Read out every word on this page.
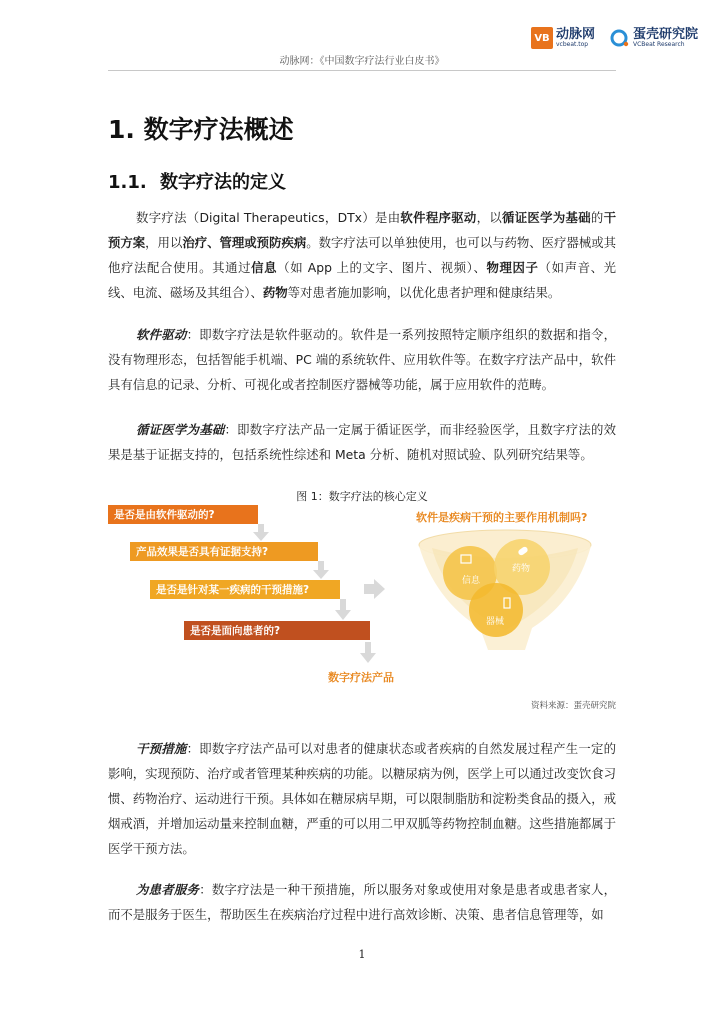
VB 动脉网
vcbeat.top
蛋壳研究院
VCBeat Research
动脉网：《中国数字疗法行业白皮书》
1. 数字疗法概述
1.1. 数字疗法的定义

数字疗法（Digital Therapeutics，DTx）是由软件程序驱动，以循证医学为基础的干预方案，用以治疗、管理或预防疾病。数字疗法可以单独使用，也可以与药物、医疗器械或其他疗法配合使用。其通过信息（如 App 上的文字、图片、视频）、物理因子（如声音、光线、电流、磁场及其组合）、药物等对患者施加影响，以优化患者护理和健康结果。

软件驱动：即数字疗法是软件驱动的。软件是一系列按照特定顺序组织的数据和指令，没有物理形态，包括智能手机端、PC 端的系统软件、应用软件等。在数字疗法产品中，软件具有信息的记录、分析、可视化或者控制医疗器械等功能，属于应用软件的范畴。

循证医学为基础：即数字疗法产品一定属于循证医学，而非经验医学，且数字疗法的效果是基于证据支持的，包括系统性综述和 Meta 分析、随机对照试验、队列研究结果等。

图 1：数字疗法的核心定义
是否是由软件驱动的?
产品效果是否具有证据支持?
是否是针对某一疾病的干预措施?
是否是面向患者的?
信息
药物
器械
软件是疾病干预的主要作用机制吗?
数字疗法产品
资料来源：蛋壳研究院

干预措施：即数字疗法产品可以对患者的健康状态或者疾病的自然发展过程产生一定的影响，实现预防、治疗或者管理某种疾病的功能。以糖尿病为例，医学上可以通过改变饮食习惯、药物治疗、运动进行干预。具体如在糖尿病早期，可以限制脂肪和淀粉类食品的摄入，戒烟戒酒，并增加运动量来控制血糖，严重的可以用二甲双胍等药物控制血糖。这些措施都属于医学干预方法。

为患者服务：数字疗法是一种干预措施，所以服务对象或使用对象是患者或患者家人，而不是服务于医生，帮助医生在疾病治疗过程中进行高效诊断、决策、患者信息管理等，如

1
